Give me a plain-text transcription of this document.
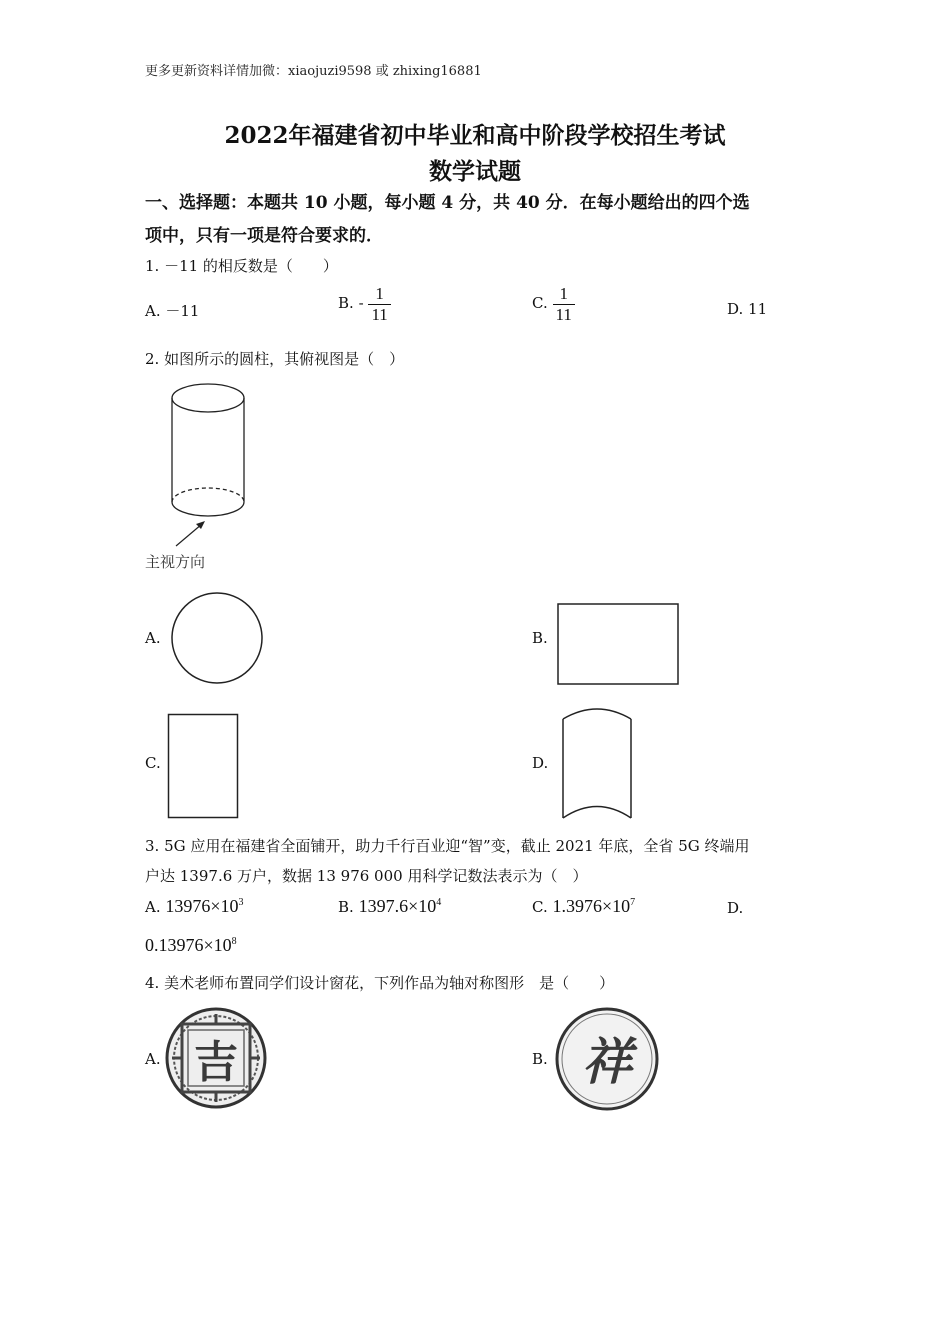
更多更新资料详情加微：xiaojuzi9598 或 zhixing16881
2022年福建省初中毕业和高中阶段学校招生考试
数学试题
一、选择题：本题共 10 小题，每小题 4 分，共 40 分．在每小题给出的四个选
项中，只有一项是符合要求的．
1. －11 的相反数是（　　）
A. －11	B. - $\frac{1}{11}$	C. $\frac{1}{11}$	D. 11
2. 如图所示的圆柱，其俯视图是（　）
主视方向
A.	B.
C.	D.
3. 5G 应用在福建省全面铺开，助力千行百业迎“智”变，截止 2021 年底，全省 5G 终端用
户达 1397.6 万户，数据 13 976 000 用科学记数法表示为（　）
A. $13976\times 10^3$	B. $1397.6\times 10^4$	C. $1.3976\times 10^7$	D.
$0.13976\times 10^8$
4. 美术老师布置同学们设计窗花，下列作品为轴对称图形　是（　　）
A. 吉	B. 祥
